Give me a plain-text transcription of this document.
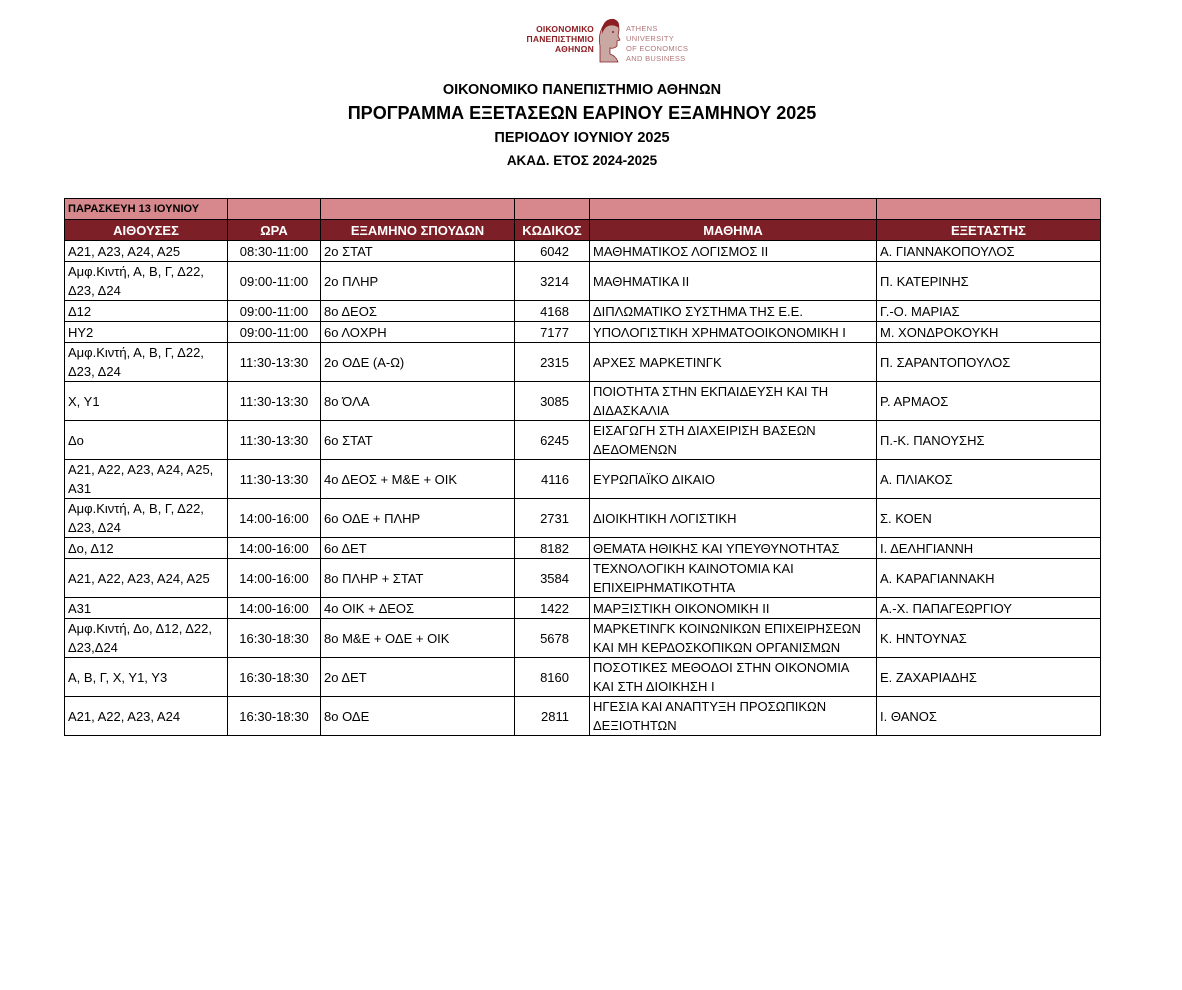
ΟΙΚΟΝΟΜΙΚΟ
ΠΑΝΕΠΙΣΤΗΜΙΟ
ΑΘΗΝΩΝ
ATHENS UNIVERSITY
OF ECONOMICS
AND BUSINESS
ΟΙΚΟΝΟΜΙΚΟ ΠΑΝΕΠΙΣΤΗΜΙΟ ΑΘΗΝΩΝ
ΠΡΟΓΡΑΜΜΑ ΕΞΕΤΑΣΕΩΝ ΕΑΡΙΝΟΥ ΕΞΑΜΗΝΟΥ 2025
ΠΕΡΙΟΔΟΥ ΙΟΥΝΙΟΥ 2025
ΑΚΑΔ. ΕΤΟΣ 2024-2025
ΠΑΡΑΣΚΕΥΗ 13 ΙΟΥΝΙΟΥ					
ΑΙΘΟΥΣΕΣ	ΩΡΑ	ΕΞΑΜΗΝΟ ΣΠΟΥΔΩΝ	ΚΩΔΙΚΟΣ	ΜΑΘΗΜΑ	ΕΞΕΤΑΣΤΗΣ
Α21, Α23, Α24, Α25	08:30-11:00	2ο ΣΤΑΤ	6042	ΜΑΘΗΜΑΤΙΚΟΣ ΛΟΓΙΣΜΟΣ ΙΙ	Α. ΓΙΑΝΝΑΚΟΠΟΥΛΟΣ
Αμφ.Κιντή, Α, Β, Γ, Δ22, Δ23, Δ24	09:00-11:00	2ο ΠΛΗΡ	3214	ΜΑΘΗΜΑΤΙΚΑ ΙΙ	Π. ΚΑΤΕΡΙΝΗΣ
Δ12	09:00-11:00	8ο ΔΕΟΣ	4168	ΔΙΠΛΩΜΑΤΙΚΟ ΣΥΣΤΗΜΑ ΤΗΣ Ε.Ε.	Γ.-Ο. ΜΑΡΙΑΣ
ΗΥ2	09:00-11:00	6ο ΛΟΧΡΗ	7177	ΥΠΟΛΟΓΙΣΤΙΚΗ ΧΡΗΜΑΤΟΟΙΚΟΝΟΜΙΚΗ Ι	Μ. ΧΟΝΔΡΟΚΟΥΚΗ
Αμφ.Κιντή, Α, Β, Γ, Δ22, Δ23, Δ24	11:30-13:30	2ο ΟΔΕ (Α-Ω)	2315	ΑΡΧΕΣ ΜΑΡΚΕΤΙΝΓΚ	Π. ΣΑΡΑΝΤΟΠΟΥΛΟΣ
Χ, Υ1	11:30-13:30	8ο ΌΛΑ	3085	ΠΟΙΟΤΗΤΑ ΣΤΗΝ ΕΚΠΑΙΔΕΥΣΗ ΚΑΙ ΤΗ ΔΙΔΑΣΚΑΛΙΑ	Ρ. ΑΡΜΑΟΣ
Δο	11:30-13:30	6ο ΣΤΑΤ	6245	ΕΙΣΑΓΩΓΗ ΣΤΗ ΔΙΑΧΕΙΡΙΣΗ ΒΑΣΕΩΝ ΔΕΔΟΜΕΝΩΝ	Π.-Κ. ΠΑΝΟΥΣΗΣ
Α21, Α22, Α23, Α24, Α25, Α31	11:30-13:30	4ο ΔΕΟΣ + Μ&Ε + ΟΙΚ	4116	ΕΥΡΩΠΑΪΚΟ ΔΙΚΑΙΟ	Α. ΠΛΙΑΚΟΣ
Αμφ.Κιντή, Α, Β, Γ, Δ22, Δ23, Δ24	14:00-16:00	6ο ΟΔΕ + ΠΛΗΡ	2731	ΔΙΟΙΚΗΤΙΚΗ ΛΟΓΙΣΤΙΚΗ	Σ. ΚΟΕΝ
Δο, Δ12	14:00-16:00	6ο ΔΕΤ	8182	ΘΕΜΑΤΑ ΗΘΙΚΗΣ ΚΑΙ ΥΠΕΥΘΥΝΟΤΗΤΑΣ	Ι. ΔΕΛΗΓΙΑΝΝΗ
Α21, Α22, Α23, Α24, Α25	14:00-16:00	8ο ΠΛΗΡ + ΣΤΑΤ	3584	ΤΕΧΝΟΛΟΓΙΚΗ ΚΑΙΝΟΤΟΜΙΑ ΚΑΙ ΕΠΙΧΕΙΡΗΜΑΤΙΚΟΤΗΤΑ	Α. ΚΑΡΑΓΙΑΝΝΑΚΗ
Α31	14:00-16:00	4ο ΟΙΚ + ΔΕΟΣ	1422	ΜΑΡΞΙΣΤΙΚΗ ΟΙΚΟΝΟΜΙΚΗ ΙΙ	Α.-Χ. ΠΑΠΑΓΕΩΡΓΙΟΥ
Αμφ.Κιντή, Δο, Δ12, Δ22, Δ23,Δ24	16:30-18:30	8ο Μ&Ε + ΟΔΕ + ΟΙΚ	5678	ΜΑΡΚΕΤΙΝΓΚ ΚΟΙΝΩΝΙΚΩΝ ΕΠΙΧΕΙΡΗΣΕΩΝ ΚΑΙ ΜΗ ΚΕΡΔΟΣΚΟΠΙΚΩΝ ΟΡΓΑΝΙΣΜΩΝ	Κ. ΗΝΤΟΥΝΑΣ
Α, Β, Γ, Χ, Υ1, Υ3	16:30-18:30	2ο ΔΕΤ	8160	ΠΟΣΟΤΙΚΕΣ ΜΕΘΟΔΟΙ ΣΤΗΝ ΟΙΚΟΝΟΜΙΑ ΚΑΙ ΣΤΗ ΔΙΟΙΚΗΣΗ Ι	Ε. ΖΑΧΑΡΙΑΔΗΣ
Α21, Α22, Α23, Α24	16:30-18:30	8ο ΟΔΕ	2811	ΗΓΕΣΙΑ ΚΑΙ ΑΝΑΠΤΥΞΗ ΠΡΟΣΩΠΙΚΩΝ ΔΕΞΙΟΤΗΤΩΝ	Ι. ΘΑΝΟΣ
